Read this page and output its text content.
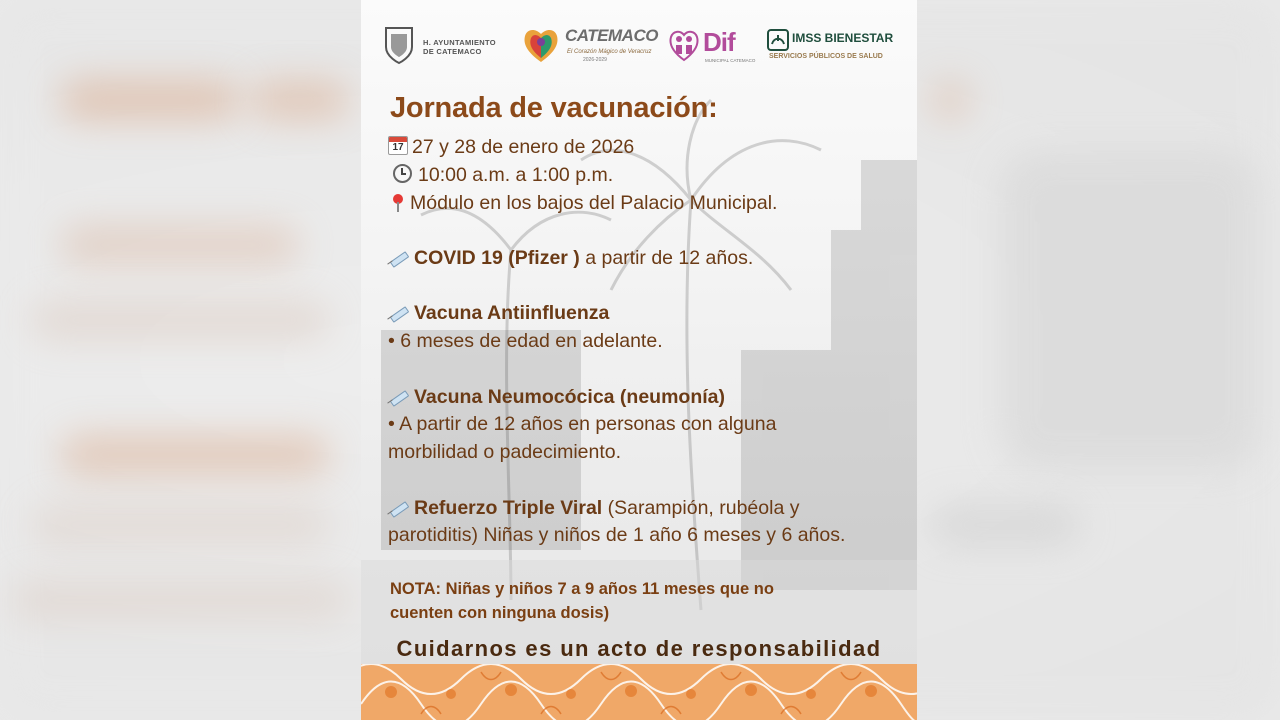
H. AYUNTAMIENTO
DE CATEMACO
CATEMACO
El Corazón Mágico de Veracruz
2026-2029
Dif
MUNICIPAL CATEMACO
IMSS BIENESTAR
SERVICIOS PÚBLICOS DE SALUD
Jornada de vacunación:
17 27 y 28 de enero de 2026
10:00 a.m. a 1:00 p.m.
Módulo en los bajos del Palacio Municipal.
COVID 19 (Pfizer ) a partir de 12 años.
Vacuna Antiinfluenza
• 6 meses de edad en adelante.
Vacuna Neumocócica (neumonía)
• A partir de 12 años en personas con alguna
morbilidad o padecimiento.
Refuerzo Triple Viral (Sarampión, rubéola y
parotiditis) Niñas y niños de 1 año 6 meses y 6 años.
NOTA: Niñas y niños 7 a 9 años 11 meses que no
cuenten con ninguna dosis)
Cuidarnos es un acto de responsabilidad
